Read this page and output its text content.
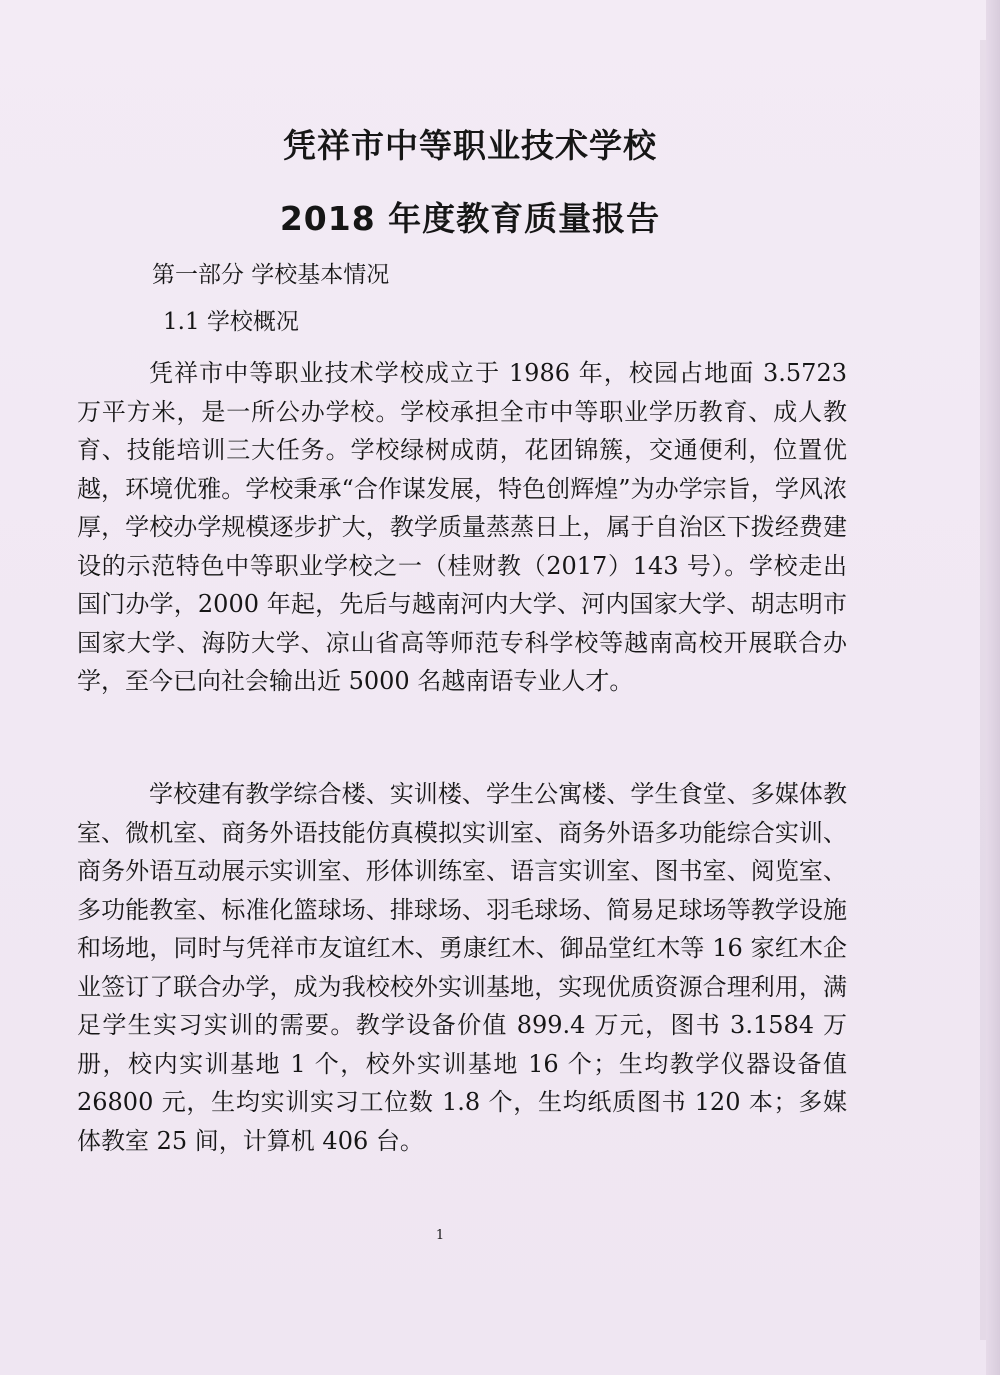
凭祥市中等职业技术学校
2018 年度教育质量报告
第一部分 学校基本情况
1.1 学校概况
凭祥市中等职业技术学校成立于 1986 年，校园占地面 3.5723 万平方米，是一所公办学校。学校承担全市中等职业学历教育、成人教育、技能培训三大任务。学校绿树成荫，花团锦簇，交通便利，位置优越，环境优雅。学校秉承“合作谋发展，特色创辉煌”为办学宗旨，学风浓厚，学校办学规模逐步扩大，教学质量蒸蒸日上，属于自治区下拨经费建设的示范特色中等职业学校之一（桂财教（2017）143 号）。学校走出国门办学，2000 年起，先后与越南河内大学、河内国家大学、胡志明市国家大学、海防大学、凉山省高等师范专科学校等越南高校开展联合办学，至今已向社会输出近 5000 名越南语专业人才。
学校建有教学综合楼、实训楼、学生公寓楼、学生食堂、多媒体教室、微机室、商务外语技能仿真模拟实训室、商务外语多功能综合实训、商务外语互动展示实训室、形体训练室、语言实训室、图书室、阅览室、多功能教室、标准化篮球场、排球场、羽毛球场、简易足球场等教学设施和场地，同时与凭祥市友谊红木、勇康红木、御品堂红木等 16 家红木企业签订了联合办学，成为我校校外实训基地，实现优质资源合理利用，满足学生实习实训的需要。教学设备价值 899.4 万元，图书 3.1584 万册，校内实训基地 1 个，校外实训基地 16 个；生均教学仪器设备值 26800 元，生均实训实习工位数 1.8 个，生均纸质图书 120 本；多媒体教室 25 间，计算机 406 台。
1
